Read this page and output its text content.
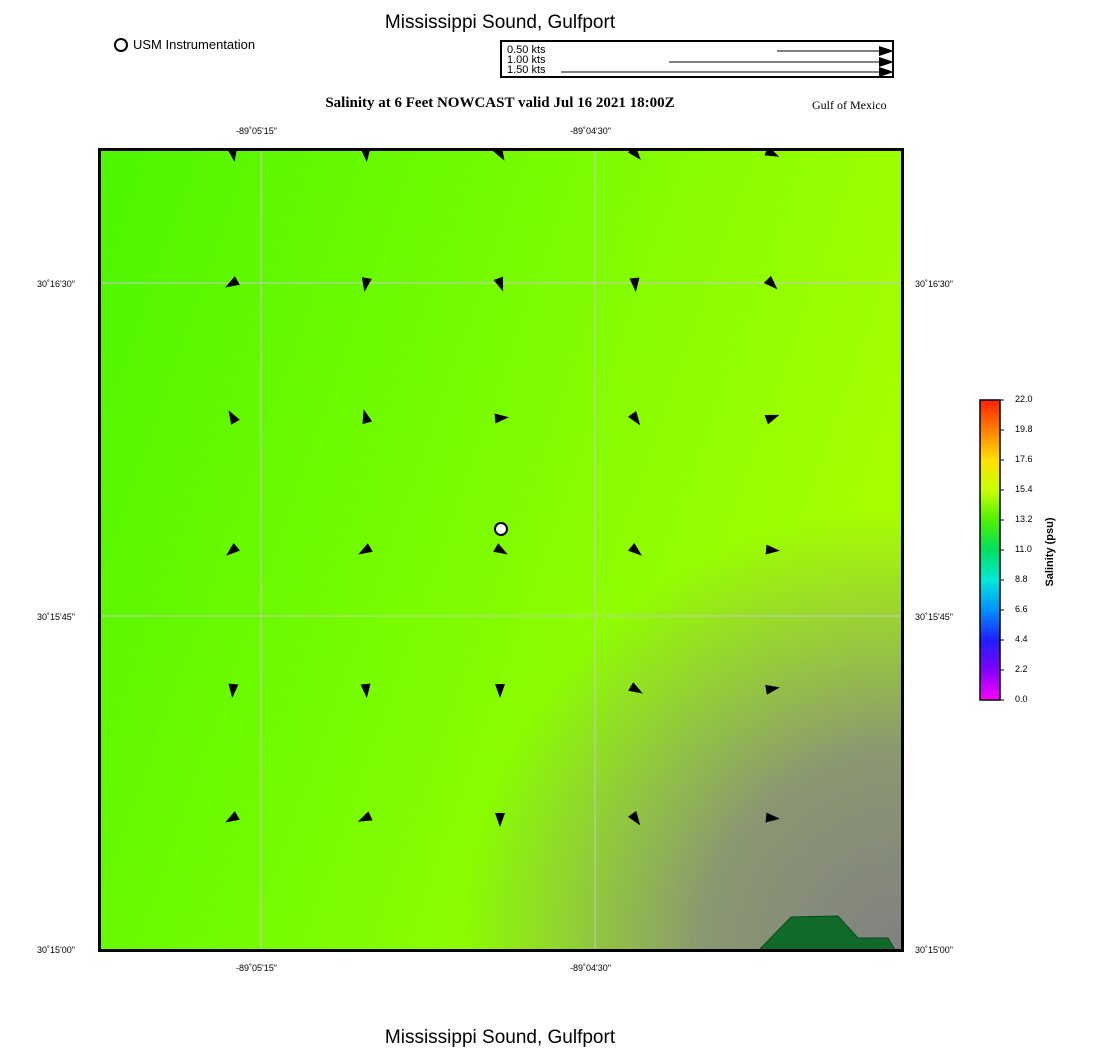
Mississippi Sound, Gulfport
USM Instrumentation	0.50 kts
1.00 kts
1.50 kts
Salinity at 6 Feet NOWCAST valid Jul 16 2021 18:00Z	Gulf of Mexico
-89˚05'15"	-89˚04'30"
-89˚05'15"	-89˚04'30"
30˚16'30"
30˚15'45"
30˚15'00"
30˚16'30"
30˚15'45"
30˚15'00"
22.0
19.8
17.6
15.4
13.2
11.0
8.8
6.6
4.4
2.2
0.0
Salinity (psu)
Mississippi Sound, Gulfport
